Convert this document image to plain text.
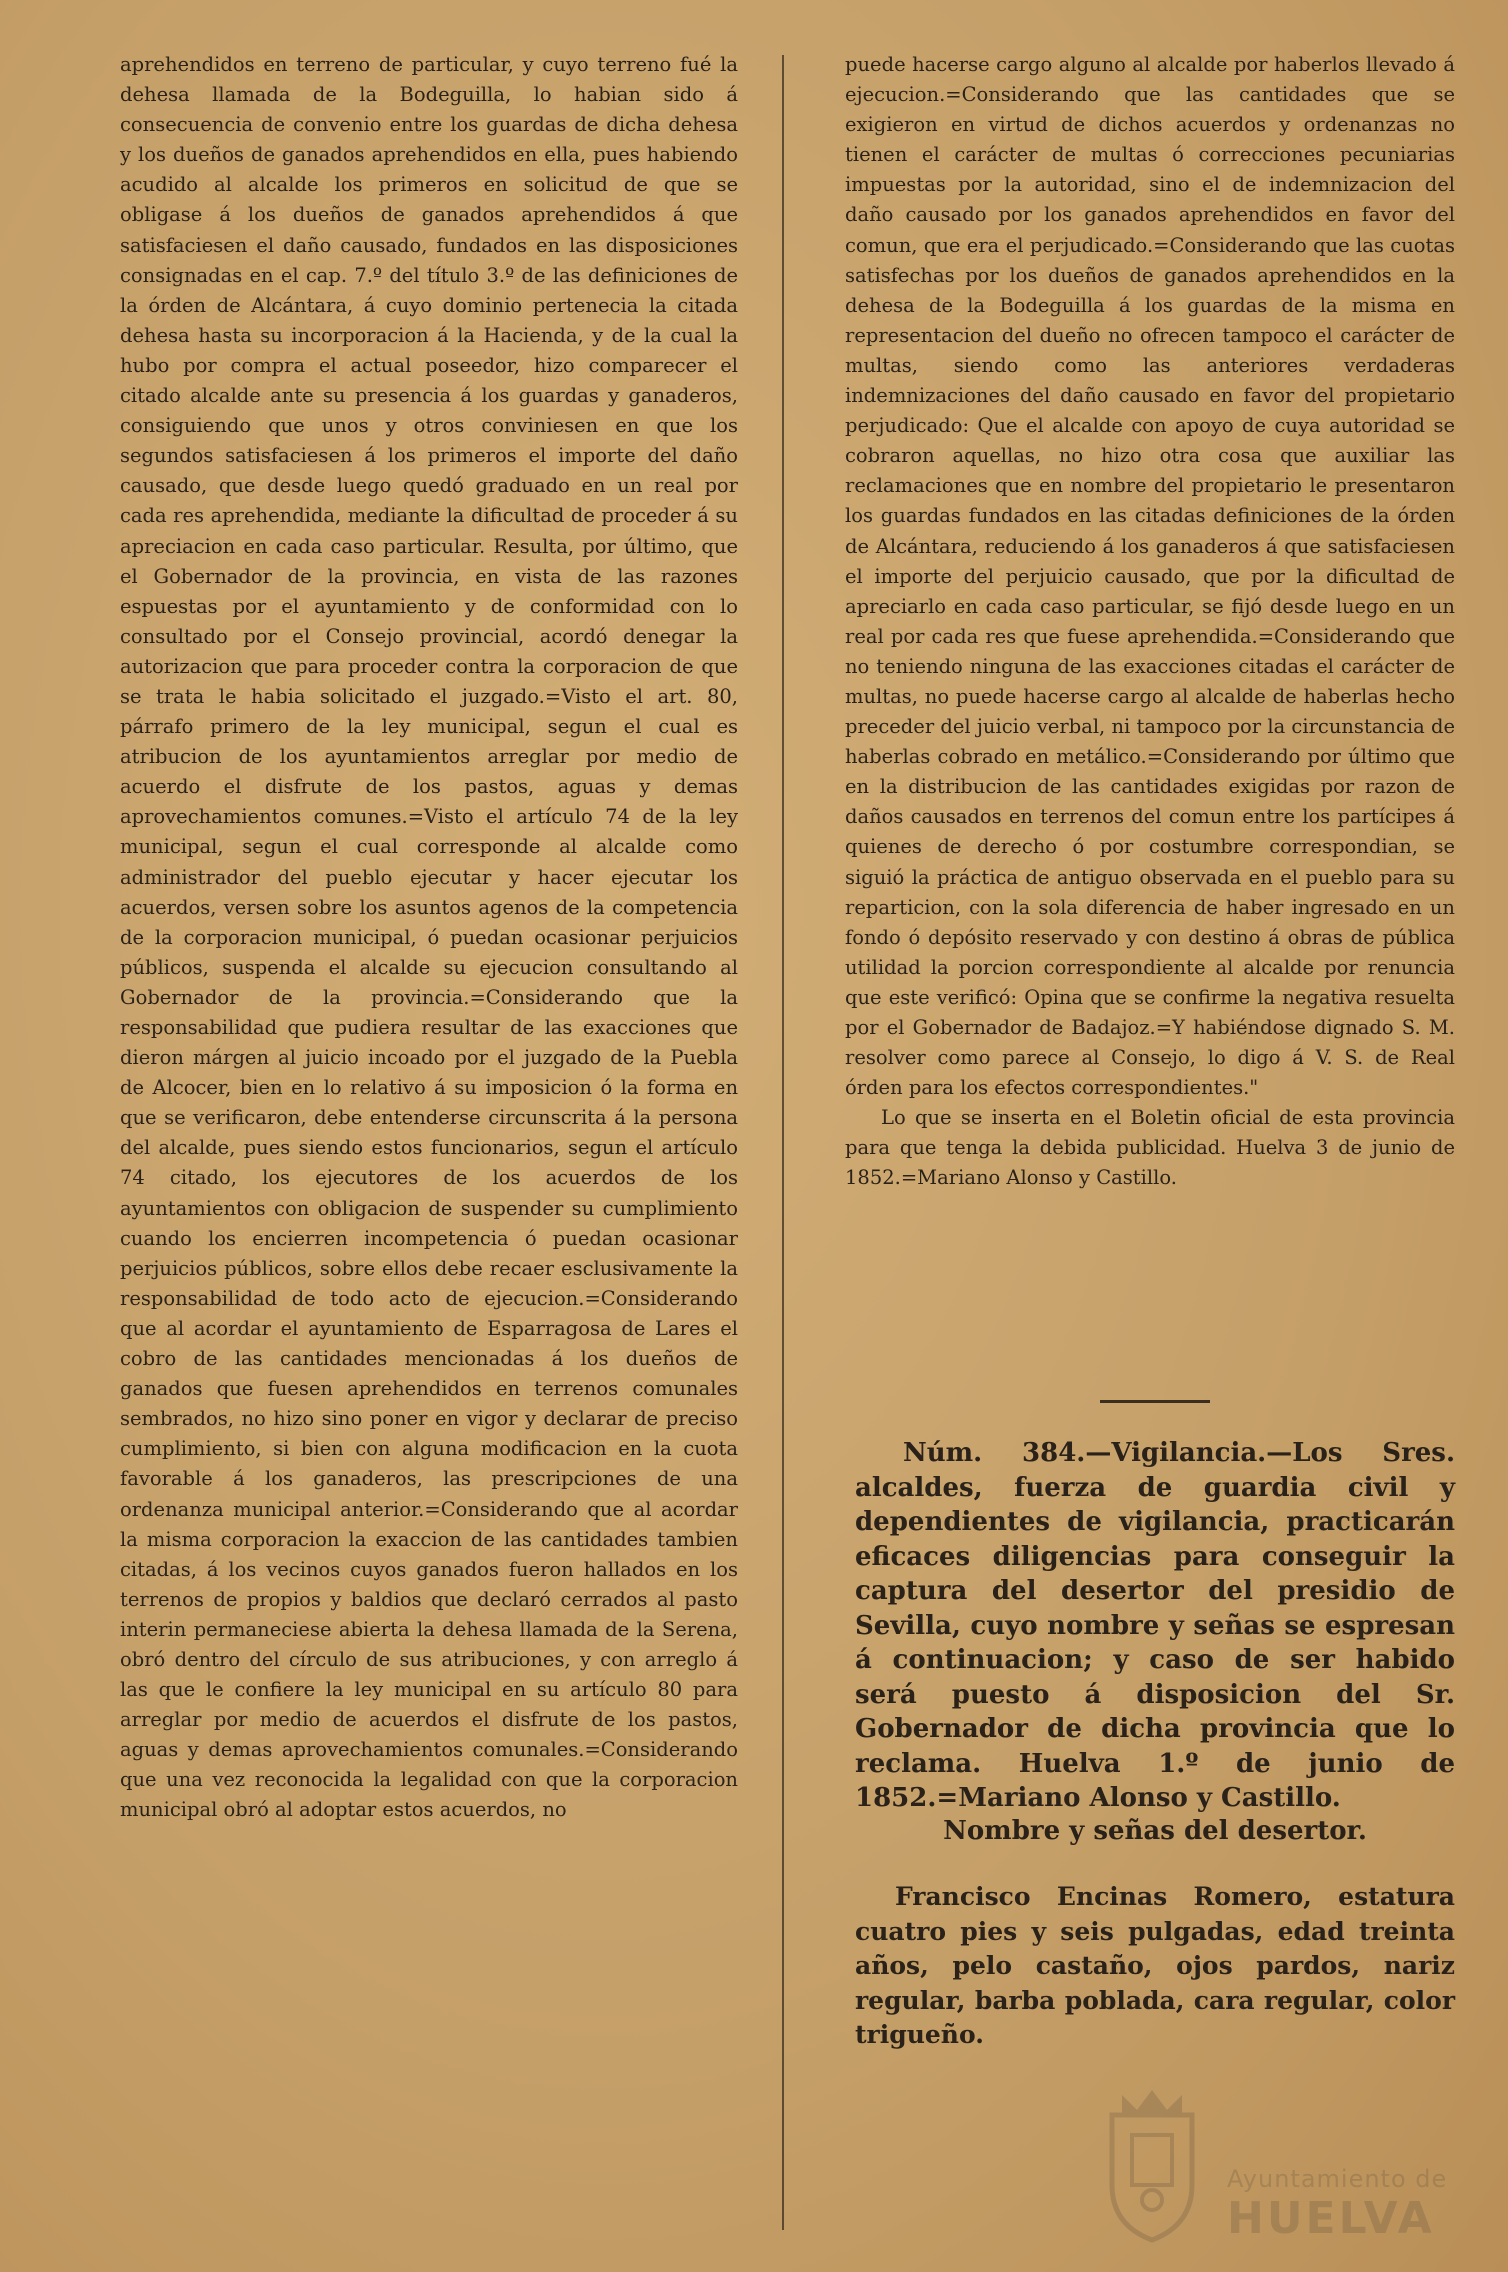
aprehendidos en terreno de particular, y cuyo terreno fué la dehesa llamada de la Bodeguilla, lo habian sido á consecuencia de convenio entre los guardas de dicha dehesa y los dueños de ganados aprehendidos en ella, pues habiendo acudido al alcalde los primeros en solicitud de que se obligase á los dueños de ganados aprehendidos á que satisfaciesen el daño causado, fundados en las disposiciones consignadas en el cap. 7.º del título 3.º de las definiciones de la órden de Alcántara, á cuyo dominio pertenecia la citada dehesa hasta su incorporacion á la Hacienda, y de la cual la hubo por compra el actual poseedor, hizo comparecer el citado alcalde ante su presencia á los guardas y ganaderos, consiguiendo que unos y otros conviniesen en que los segundos satisfaciesen á los primeros el importe del daño causado, que desde luego quedó graduado en un real por cada res aprehendida, mediante la dificultad de proceder á su apreciacion en cada caso particular. Resulta, por último, que el Gobernador de la provincia, en vista de las razones espuestas por el ayuntamiento y de conformidad con lo consultado por el Consejo provincial, acordó denegar la autorizacion que para proceder contra la corporacion de que se trata le habia solicitado el juzgado.=Visto el art. 80, párrafo primero de la ley municipal, segun el cual es atribucion de los ayuntamientos arreglar por medio de acuerdo el disfrute de los pastos, aguas y demas aprovechamientos comunes.=Visto el artículo 74 de la ley municipal, segun el cual corresponde al alcalde como administrador del pueblo ejecutar y hacer ejecutar los acuerdos, versen sobre los asuntos agenos de la competencia de la corporacion municipal, ó puedan ocasionar perjuicios públicos, suspenda el alcalde su ejecucion consultando al Gobernador de la provincia.=Considerando que la responsabilidad que pudiera resultar de las exacciones que dieron márgen al juicio incoado por el juzgado de la Puebla de Alcocer, bien en lo relativo á su imposicion ó la forma en que se verificaron, debe entenderse circunscrita á la persona del alcalde, pues siendo estos funcionarios, segun el artículo 74 citado, los ejecutores de los acuerdos de los ayuntamientos con obligacion de suspender su cumplimiento cuando los encierren incompetencia ó puedan ocasionar perjuicios públicos, sobre ellos debe recaer esclusivamente la responsabilidad de todo acto de ejecucion.=Considerando que al acordar el ayuntamiento de Esparragosa de Lares el cobro de las cantidades mencionadas á los dueños de ganados que fuesen aprehendidos en terrenos comunales sembrados, no hizo sino poner en vigor y declarar de preciso cumplimiento, si bien con alguna modificacion en la cuota favorable á los ganaderos, las prescripciones de una ordenanza municipal anterior.=Considerando que al acordar la misma corporacion la exaccion de las cantidades tambien citadas, á los vecinos cuyos ganados fueron hallados en los terrenos de propios y baldios que declaró cerrados al pasto interin permaneciese abierta la dehesa llamada de la Serena, obró dentro del círculo de sus atribuciones, y con arreglo á las que le confiere la ley municipal en su artículo 80 para arreglar por medio de acuerdos el disfrute de los pastos, aguas y demas aprovechamientos comunales.=Considerando que una vez reconocida la legalidad con que la corporacion municipal obró al adoptar estos acuerdos, no

puede hacerse cargo alguno al alcalde por haberlos llevado á ejecucion.=Considerando que las cantidades que se exigieron en virtud de dichos acuerdos y ordenanzas no tienen el carácter de multas ó correcciones pecuniarias impuestas por la autoridad, sino el de indemnizacion del daño causado por los ganados aprehendidos en favor del comun, que era el perjudicado.=Considerando que las cuotas satisfechas por los dueños de ganados aprehendidos en la dehesa de la Bodeguilla á los guardas de la misma en representacion del dueño no ofrecen tampoco el carácter de multas, siendo como las anteriores verdaderas indemnizaciones del daño causado en favor del propietario perjudicado: Que el alcalde con apoyo de cuya autoridad se cobraron aquellas, no hizo otra cosa que auxiliar las reclamaciones que en nombre del propietario le presentaron los guardas fundados en las citadas definiciones de la órden de Alcántara, reduciendo á los ganaderos á que satisfaciesen el importe del perjuicio causado, que por la dificultad de apreciarlo en cada caso particular, se fijó desde luego en un real por cada res que fuese aprehendida.=Considerando que no teniendo ninguna de las exacciones citadas el carácter de multas, no puede hacerse cargo al alcalde de haberlas hecho preceder del juicio verbal, ni tampoco por la circunstancia de haberlas cobrado en metálico.=Considerando por último que en la distribucion de las cantidades exigidas por razon de daños causados en terrenos del comun entre los partícipes á quienes de derecho ó por costumbre correspondian, se siguió la práctica de antiguo observada en el pueblo para su reparticion, con la sola diferencia de haber ingresado en un fondo ó depósito reservado y con destino á obras de pública utilidad la porcion correspondiente al alcalde por renuncia que este verificó: Opina que se confirme la negativa resuelta por el Gobernador de Badajoz.=Y habiéndose dignado S. M. resolver como parece al Consejo, lo digo á V. S. de Real órden para los efectos correspondientes."

Lo que se inserta en el Boletin oficial de esta provincia para que tenga la debida publicidad. Huelva 3 de junio de 1852.=Mariano Alonso y Castillo.

Núm. 384.—Vigilancia.—Los Sres. alcaldes, fuerza de guardia civil y dependientes de vigilancia, practicarán eficaces diligencias para conseguir la captura del desertor del presidio de Sevilla, cuyo nombre y señas se espresan á continuacion; y caso de ser habido será puesto á disposicion del Sr. Gobernador de dicha provincia que lo reclama. Huelva 1.º de junio de 1852.=Mariano Alonso y Castillo.

Nombre y señas del desertor.

Francisco Encinas Romero, estatura cuatro pies y seis pulgadas, edad treinta años, pelo castaño, ojos pardos, nariz regular, barba poblada, cara regular, color trigueño.

Ayuntamiento de
HUELVA
